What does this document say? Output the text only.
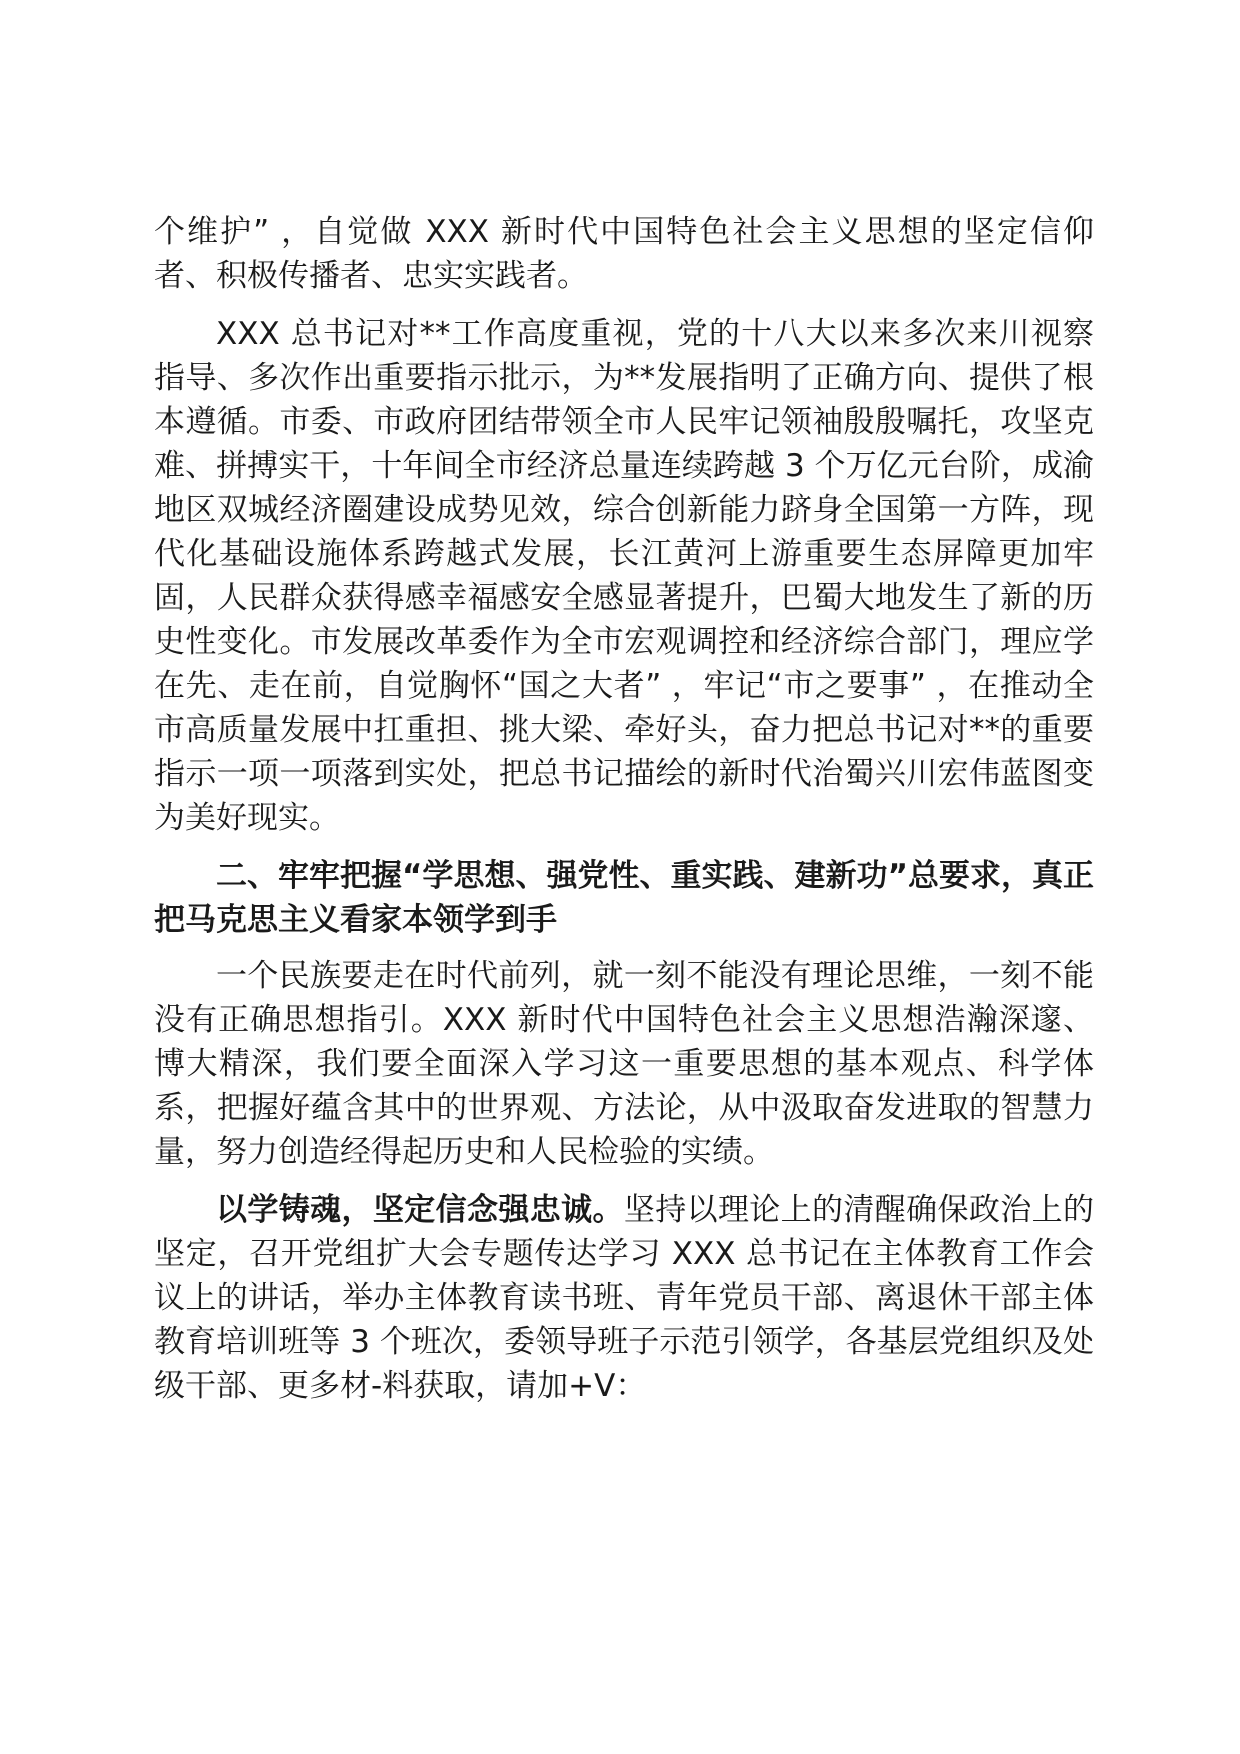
个维护” ，自觉做 XXX 新时代中国特色社会主义思想的坚定信仰者、积极传播者、忠实实践者。

XXX 总书记对**工作高度重视，党的十八大以来多次来川视察指导、多次作出重要指示批示，为**发展指明了正确方向、提供了根本遵循。市委、市政府团结带领全市人民牢记领袖殷殷嘱托，攻坚克难、拼搏实干，十年间全市经济总量连续跨越 3 个万亿元台阶，成渝地区双城经济圈建设成势见效，综合创新能力跻身全国第一方阵，现代化基础设施体系跨越式发展，长江黄河上游重要生态屏障更加牢固，人民群众获得感幸福感安全感显著提升，巴蜀大地发生了新的历史性变化。市发展改革委作为全市宏观调控和经济综合部门，理应学在先、走在前，自觉胸怀“国之大者” ，牢记“市之要事” ，在推动全市高质量发展中扛重担、挑大梁、牵好头，奋力把总书记对**的重要指示一项一项落到实处，把总书记描绘的新时代治蜀兴川宏伟蓝图变为美好现实。

二、牢牢把握“学思想、强党性、重实践、建新功”总要求，真正把马克思主义看家本领学到手

一个民族要走在时代前列，就一刻不能没有理论思维，一刻不能没有正确思想指引。XXX 新时代中国特色社会主义思想浩瀚深邃、博大精深，我们要全面深入学习这一重要思想的基本观点、科学体系，把握好蕴含其中的世界观、方法论，从中汲取奋发进取的智慧力量，努力创造经得起历史和人民检验的实绩。

以学铸魂，坚定信念强忠诚。坚持以理论上的清醒确保政治上的坚定，召开党组扩大会专题传达学习 XXX 总书记在主体教育工作会议上的讲话，举办主体教育读书班、青年党员干部、离退休干部主体教育培训班等 3 个班次，委领导班子示范引领学，各基层党组织及处级干部、更多材-料获取，请加+V：
